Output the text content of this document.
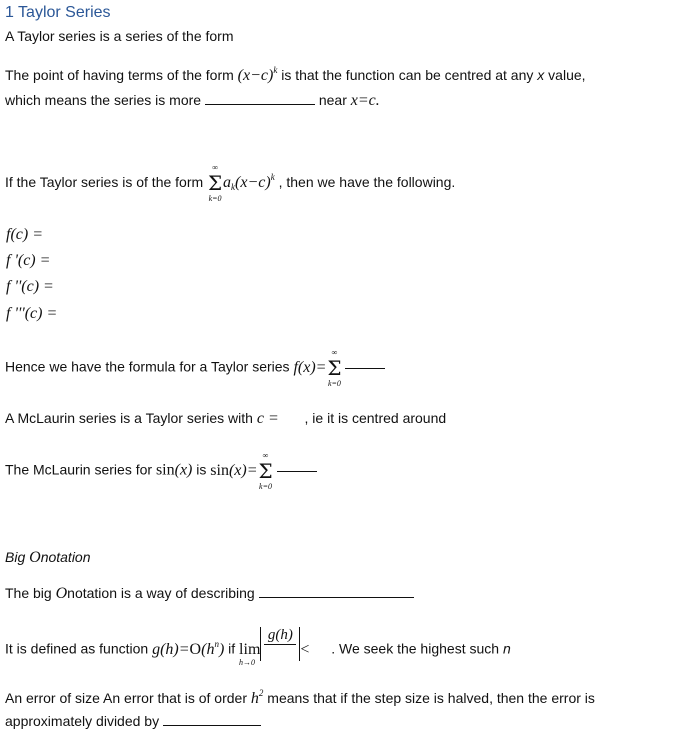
1 Taylor Series
A Taylor series is a series of the form
The point of having terms of the form $(x-c)^k$ is that the function can be centred at any x value,
which means the series is more	near x=c.
If the Taylor series is of the form Σ
∞
k=0
$a_k(x-c)^k$ , then we have the following.
f(c) =
f '(c) =
f ''(c) =
f '''(c) =
Hence we have the formula for a Taylor series f(x)=Σ
∞
k=0
A McLaurin series is a Taylor series with c = , ie it is centred around
The McLaurin series for sin(x) is sin(x)=Σ
∞
k=0
Big Onotation
The big Onotation is a way of describing
It is defined as function $g(h)=O(h^n)$ if lim
h→0
g(h)
< . We seek the highest such n
An error of size An error that is of order $h^2$ means that if the step size is halved, then the error is
approximately divided by
